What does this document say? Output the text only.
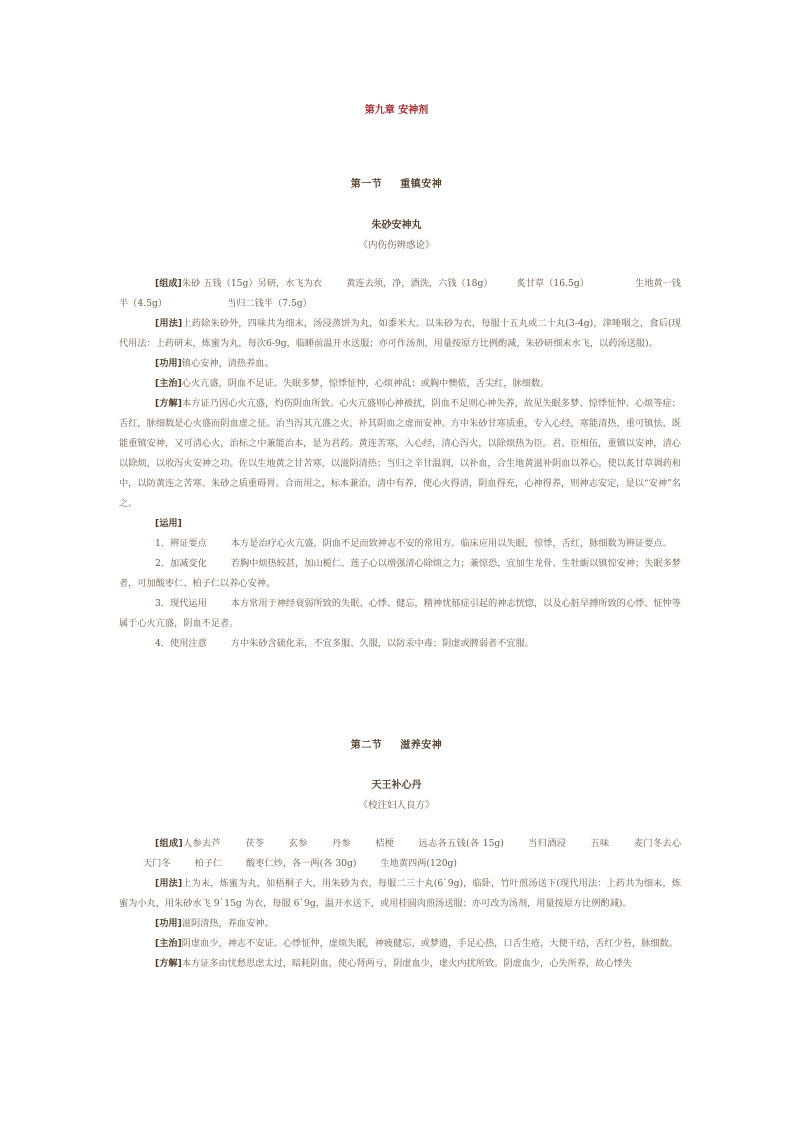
第九章 安神剂
第一节 重镇安神
朱砂安神丸
《内伤伤辨惑论》

[组成]朱砂 五钱（15g）另研，水飞为衣	黄连去须，净，酒洗，六钱（18g）	炙甘草（16.5g）	生地黄一钱半（4.5g）	当归二钱半（7.5g）

[用法]上药除朱砂外，四味共为细末，汤浸蒸饼为丸，如黍米大。以朱砂为衣，每服十五丸或二十丸(3-4g)，津唾咽之，食后(现代用法：上药研末，炼蜜为丸，每次6-9g，临睡前温开水送服；亦可作汤剂，用量按原方比例酌减，朱砂研细末水飞，以药汤送服)。

[功用]镇心安神，清热养血。

[主治]心火亢盛，阴血不足证。失眠多梦，惊悸怔忡，心烦神乱；或胸中懊侬，舌尖红，脉细数。

[方解]本方证乃因心火亢盛，灼伤阴血所致。心火亢盛则心神被扰，阴血不足则心神失养，故见失眠多梦、惊悸怔忡、心烦等症；舌红，脉细数是心火盛而阴血虚之征。治当泻其亢盛之火，补其阴血之虚而安神。方中朱砂甘寒质重，专入心经，寒能清热，重可镇怯，既能重镇安神，又可清心火，治标之中兼能治本，是为君药。黄连苦寒，入心经，清心泻火，以除烦热为臣。君、臣相伍，重镇以安神，清心以除烦，以收泻火安神之功。佐以生地黄之甘苦寒，以滋阴清热；当归之辛甘温润，以补血，合生地黄滋补阴血以养心。使以炙甘草调药和中，以防黄连之苦寒、朱砂之质重碍胃。合而用之，标本兼治，清中有养，使心火得清，阴血得充，心神得养，则神志安定，是以“安神”名之。

[运用]

1．辨证要点	本方是治疗心火亢盛，阴血不足而致神志不安的常用方。临床应用以失眠，惊悸，舌红，脉细数为辨证要点。

2．加减变化	若胸中烦热较甚，加山栀仁、莲子心以增强清心除烦之力；兼惊恐，宜加生龙骨、生牡蛎以镇惊安神；失眠多梦者，可加酸枣仁、柏子仁以养心安神。

3．现代运用	本方常用于神经衰弱所致的失眠、心悸、健忘，精神忧郁症引起的神志恍惚，以及心脏早搏所致的心悸、怔忡等属于心火亢盛，阴血不足者。

4．使用注意	方中朱砂含硫化汞，不宜多服、久服，以防汞中毒；阴虚或脾弱者不宜服。

第二节 滋养安神
天王补心丹
《校注妇人良方》

[组成]人参去芦	茯苓	玄参	丹参	桔梗	远志各五钱(各 15g)	当归酒浸	五味	麦门冬去心天门冬	柏子仁	酸枣仁炒，各一两(各 30g)	生地黄四两(120g)

[用法]上为末，炼蜜为丸，如梧桐子大，用朱砂为衣，每服二三十丸(6`9g)，临卧，竹叶煎汤送下(现代用法：上药共为细末，炼蜜为小丸，用朱砂水飞 9`15g 为衣，每服 6`9g，温开水送下，或用桂圆肉煎汤送服；亦可改为汤剂，用量按原方比例酌减)。

[功用]滋阴清热，养血安神。

[主治]阴虚血少，神志不安证。心悸怔忡，虚烦失眠，神疲健忘，或梦遗，手足心热，口舌生疮，大便干结，舌红少苔，脉细数。

[方解]本方证多由忧愁思虑太过，暗耗阴血，使心肾两亏，阴虚血少，虚火内扰所致。阴虚血少，心失所养，故心悸失
